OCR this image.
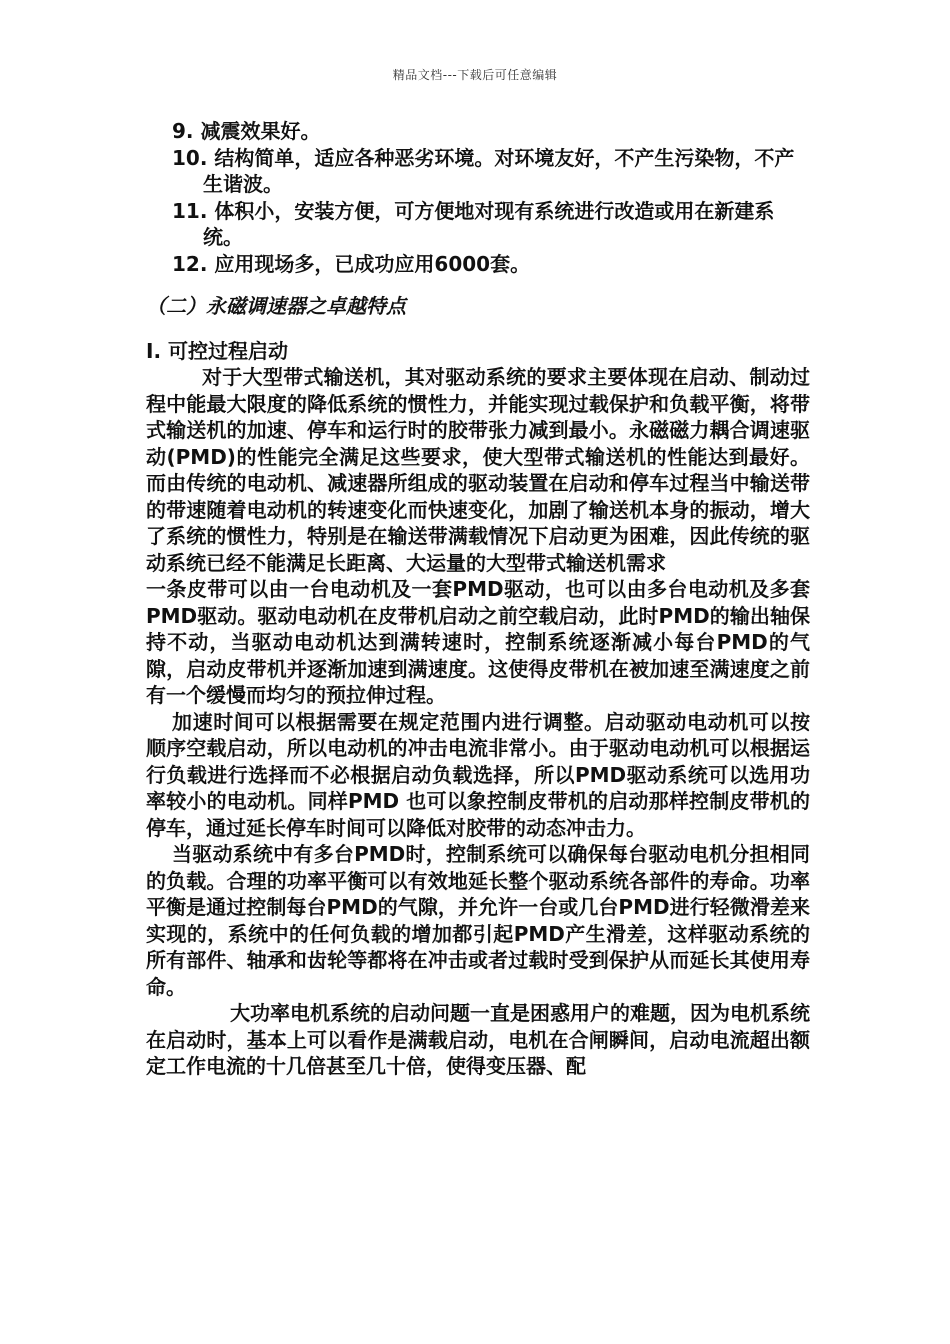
精品文档---下载后可任意编辑
9. 减震效果好。
10. 结构简单，适应各种恶劣环境。对环境友好，不产生污染物，不产生谐波。
11. 体积小，安装方便，可方便地对现有系统进行改造或用在新建系统。
12. 应用现场多，已成功应用6000套。
（二）永磁调速器之卓越特点
I. 可控过程启动

对于大型带式输送机，其对驱动系统的要求主要体现在启动、制动过程中能最大限度的降低系统的惯性力，并能实现过载保护和负载平衡，将带式输送机的加速、停车和运行时的胶带张力减到最小。永磁磁力耦合调速驱动(PMD)的性能完全满足这些要求，使大型带式输送机的性能达到最好。而由传统的电动机、减速器所组成的驱动装置在启动和停车过程当中输送带的带速随着电动机的转速变化而快速变化，加剧了输送机本身的振动，增大了系统的惯性力，特别是在输送带满载情况下启动更为困难，因此传统的驱动系统已经不能满足长距离、大运量的大型带式输送机需求

一条皮带可以由一台电动机及一套PMD驱动，也可以由多台电动机及多套PMD驱动。驱动电动机在皮带机启动之前空载启动，此时PMD的输出轴保持不动，当驱动电动机达到满转速时，控制系统逐渐减小每台PMD的气隙，启动皮带机并逐渐加速到满速度。这使得皮带机在被加速至满速度之前有一个缓慢而均匀的预拉伸过程。

加速时间可以根据需要在规定范围内进行调整。启动驱动电动机可以按顺序空载启动，所以电动机的冲击电流非常小。由于驱动电动机可以根据运行负载进行选择而不必根据启动负载选择，所以PMD驱动系统可以选用功率较小的电动机。同样PMD 也可以象控制皮带机的启动那样控制皮带机的停车，通过延长停车时间可以降低对胶带的动态冲击力。

当驱动系统中有多台PMD时，控制系统可以确保每台驱动电机分担相同的负载。合理的功率平衡可以有效地延长整个驱动系统各部件的寿命。功率平衡是通过控制每台PMD的气隙，并允许一台或几台PMD进行轻微滑差来实现的，系统中的任何负载的增加都引起PMD产生滑差，这样驱动系统的所有部件、轴承和齿轮等都将在冲击或者过载时受到保护从而延长其使用寿命。

大功率电机系统的启动问题一直是困惑用户的难题，因为电机系统在启动时，基本上可以看作是满载启动，电机在合闸瞬间，启动电流超出额定工作电流的十几倍甚至几十倍，使得变压器、配
